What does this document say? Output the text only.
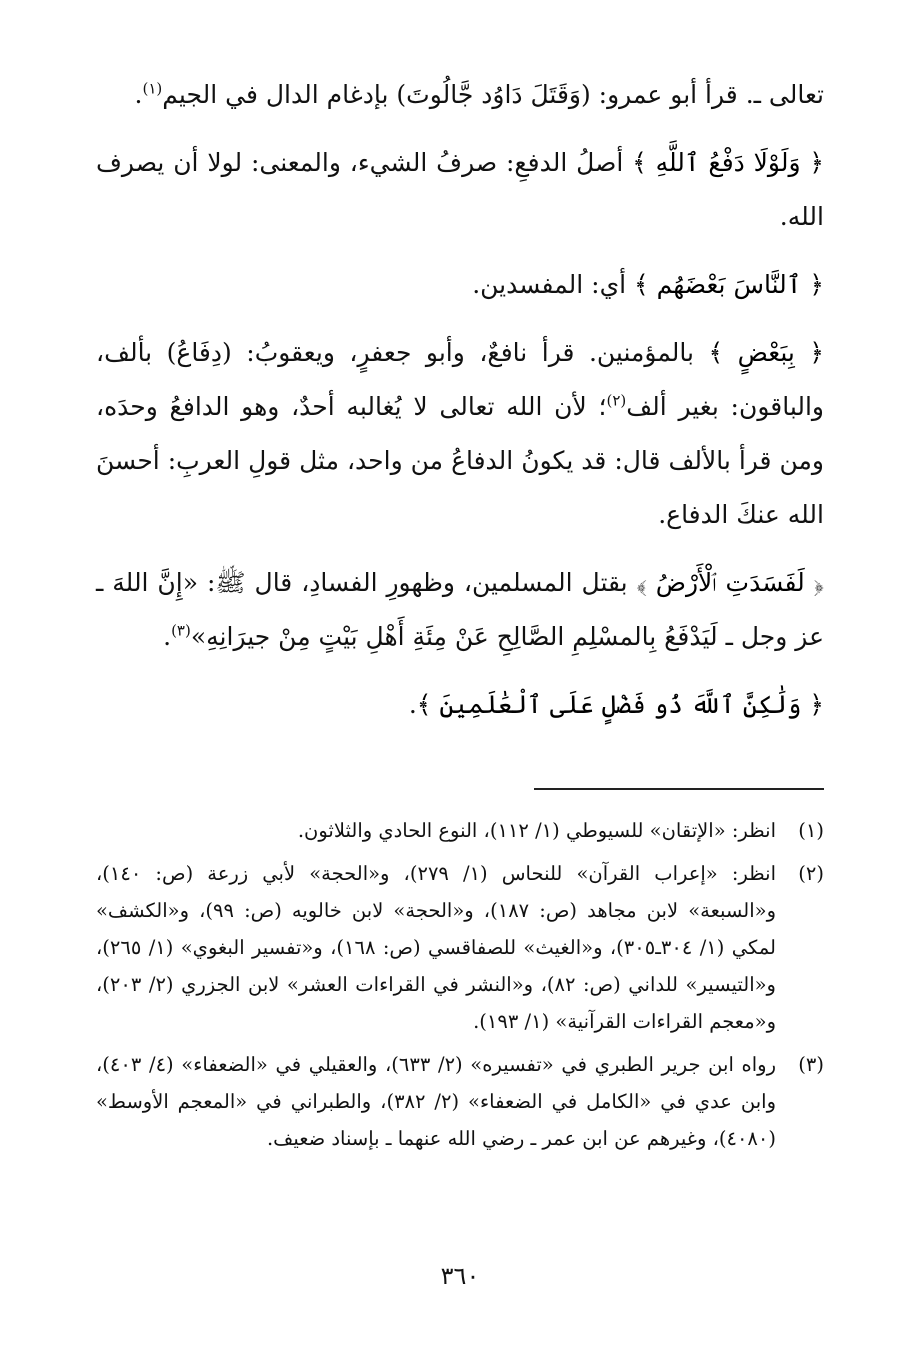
تعالى ـ. قرأ أبو عمرو: (وَقَتَلَ دَاوُد جَّالُوتَ) بإدغام الدال في الجيم$^{(١)}$.

﴿ وَلَوْلَا دَفْعُ ٱللَّهِ ﴾ أصلُ الدفعِ: صرفُ الشيء، والمعنى: لولا أن يصرف الله.

﴿ ٱلنَّاسَ بَعْضَهُم ﴾ أي: المفسدين.

﴿ بِبَعْضٍ ﴾ بالمؤمنين. قرأ نافعٌ، وأبو جعفرٍ، ويعقوبُ: (دِفَاعُ) بألف، والباقون: بغير ألف$^{(٢)}$؛ لأن الله تعالى لا يُغالبه أحدٌ، وهو الدافعُ وحدَه، ومن قرأ بالألف قال: قد يكونُ الدفاعُ من واحد، مثل قولِ العربِ: أحسنَ الله عنكَ الدفاع.

﴿ لَفَسَدَتِ ٱلْأَرْضُ ﴾ بقتل المسلمين، وظهورِ الفسادِ، قال ﷺ: «إِنَّ اللهَ ـ عز وجل ـ لَيَدْفَعُ بِالمسْلِمِ الصَّالِحِ عَنْ مِئَةِ أَهْلِ بَيْتٍ مِنْ جيرَانِهِ»$^{(٣)}$.

﴿ وَلَٰكِنَّ ٱللَّهَ ذُو فَضْلٍ عَلَى ٱلْعَٰلَمِينَ ﴾.

(١)
انظر: «الإتقان» للسيوطي (١/ ١١٢)، النوع الحادي والثلاثون.
(٢)
انظر: «إعراب القرآن» للنحاس (١/ ٢٧٩)، و«الحجة» لأبي زرعة (ص: ١٤٠)، و«السبعة» لابن مجاهد (ص: ١٨٧)، و«الحجة» لابن خالويه (ص: ٩٩)، و«الكشف» لمكي (١/ ٣٠٤ـ٣٠٥)، و«الغيث» للصفاقسي (ص: ١٦٨)، و«تفسير البغوي» (١/ ٢٦٥)، و«التيسير» للداني (ص: ٨٢)، و«النشر في القراءات العشر» لابن الجزري (٢/ ٢٠٣)، و«معجم القراءات القرآنية» (١/ ١٩٣).
(٣)
رواه ابن جرير الطبري في «تفسيره» (٢/ ٦٣٣)، والعقيلي في «الضعفاء» (٤/ ٤٠٣)، وابن عدي في «الكامل في الضعفاء» (٢/ ٣٨٢)، والطبراني في «المعجم الأوسط» (٤٠٨٠)، وغيرهم عن ابن عمر ـ رضي الله عنهما ـ بإسناد ضعيف.
٣٦٠
